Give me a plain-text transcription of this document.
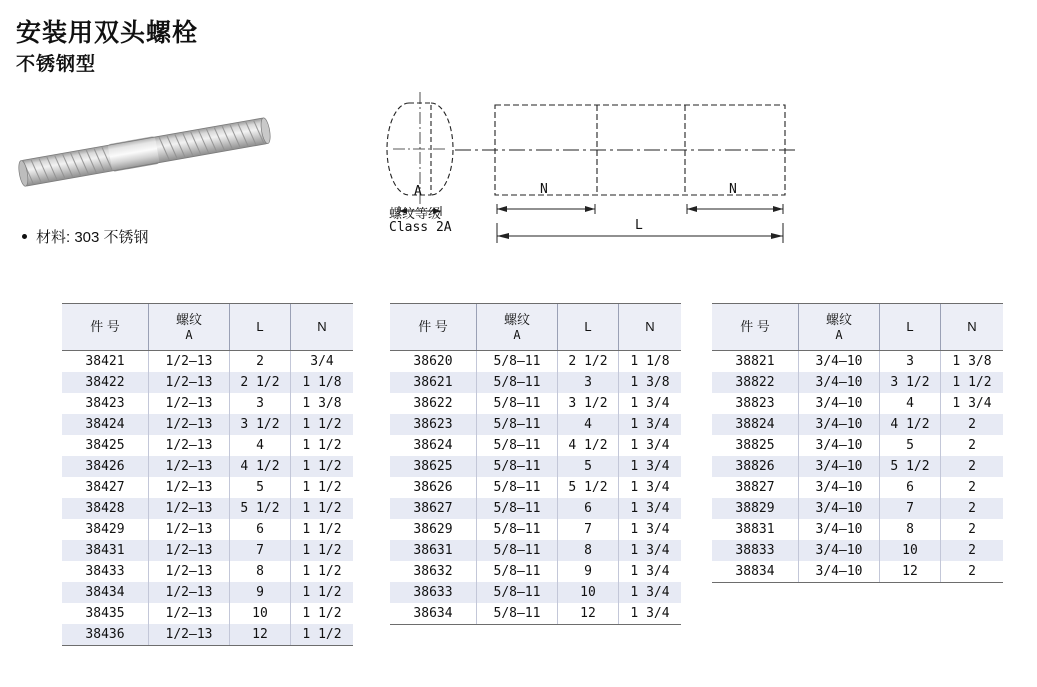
安装用双头螺栓
不锈钢型
材料: 303 不锈钢
A
螺纹等级
Class 2A
N	N
L
件 号	螺纹
A	L	N

38421	1/2–13	2	3/4
38422	1/2–13	2 1/2	1 1/8
38423	1/2–13	3	1 3/8
38424	1/2–13	3 1/2	1 1/2
38425	1/2–13	4	1 1/2
38426	1/2–13	4 1/2	1 1/2
38427	1/2–13	5	1 1/2
38428	1/2–13	5 1/2	1 1/2
38429	1/2–13	6	1 1/2
38431	1/2–13	7	1 1/2
38433	1/2–13	8	1 1/2
38434	1/2–13	9	1 1/2
38435	1/2–13	10	1 1/2
38436	1/2–13	12	1 1/2
件 号	螺纹
A	L	N

38620	5/8–11	2 1/2	1 1/8
38621	5/8–11	3	1 3/8
38622	5/8–11	3 1/2	1 3/4
38623	5/8–11	4	1 3/4
38624	5/8–11	4 1/2	1 3/4
38625	5/8–11	5	1 3/4
38626	5/8–11	5 1/2	1 3/4
38627	5/8–11	6	1 3/4
38629	5/8–11	7	1 3/4
38631	5/8–11	8	1 3/4
38632	5/8–11	9	1 3/4
38633	5/8–11	10	1 3/4
38634	5/8–11	12	1 3/4
件 号	螺纹
A	L	N

38821	3/4–10	3	1 3/8
38822	3/4–10	3 1/2	1 1/2
38823	3/4–10	4	1 3/4
38824	3/4–10	4 1/2	2
38825	3/4–10	5	2
38826	3/4–10	5 1/2	2
38827	3/4–10	6	2
38829	3/4–10	7	2
38831	3/4–10	8	2
38833	3/4–10	10	2
38834	3/4–10	12	2
